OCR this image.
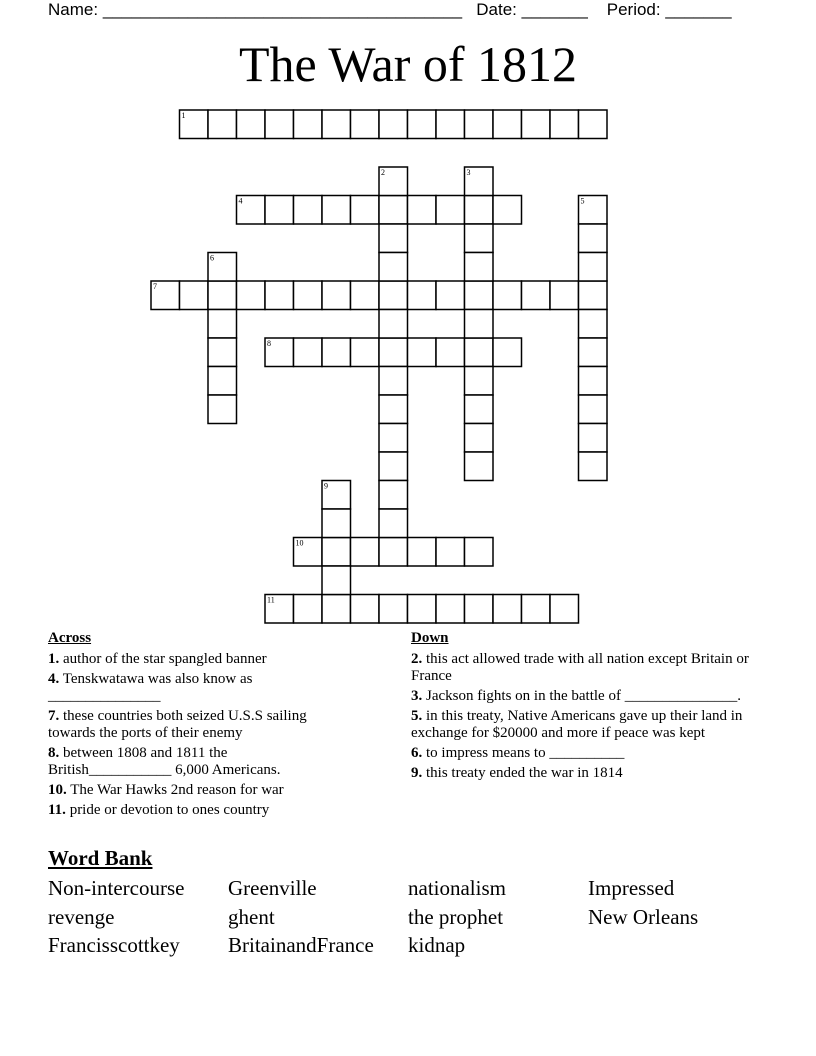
Name: ______________________________________ Date: _______ Period: _______
The War of 1812
1
4
7
8
10
11
2	3
5
6
9
Across
1. author of the star spangled banner
4. Tenskwatawa was also know as _______________
7. these countries both seized U.S.S sailing towards the ports of their enemy
8. between 1808 and 1811 the British___________ 6,000 Americans.
10. The War Hawks 2nd reason for war
11. pride or devotion to ones country
Down
2. this act allowed trade with all nation except Britain or France
3. Jackson fights on in the battle of _______________.
5. in this treaty, Native Americans gave up their land in exchange for $20000 and more if peace was kept
6. to impress means to __________
9. this treaty ended the war in 1814
Word Bank
Non-intercourse	Greenville	nationalism	Impressed
revenge	ghent	the prophet	New Orleans
Francisscottkey	BritainandFrance	kidnap
